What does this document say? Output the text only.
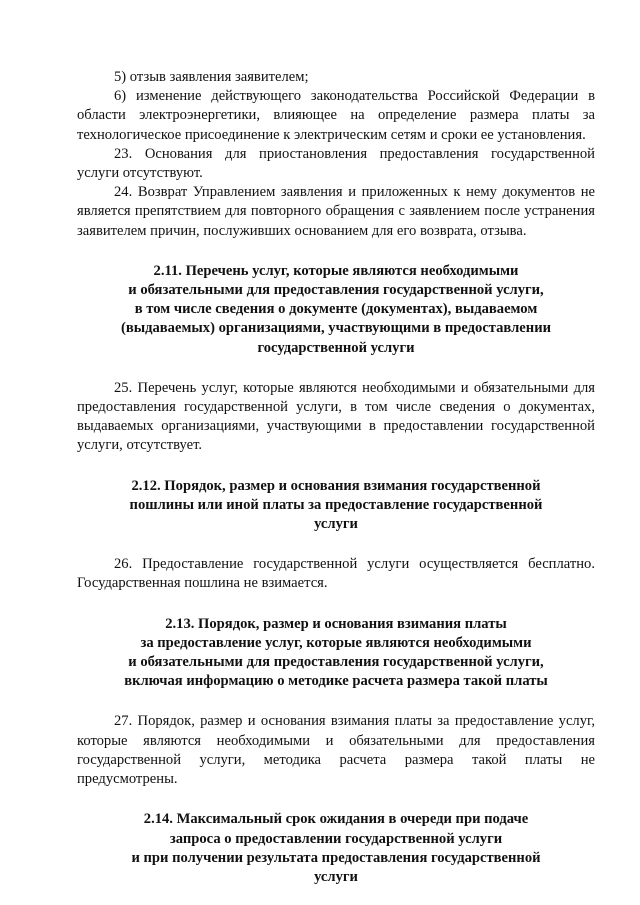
5) отзыв заявления заявителем;

6) изменение действующего законодательства Российской Федерации в области электроэнергетики, влияющее на определение размера платы за технологическое присоединение к электрическим сетям и сроки ее установления.

23. Основания для приостановления предоставления государственной услуги отсутствуют.

24. Возврат Управлением заявления и приложенных к нему документов не является препятствием для повторного обращения с заявлением после устранения заявителем причин, послуживших основанием для его возврата, отзыва.

2.11. Перечень услуг, которые являются необходимыми
и обязательными для предоставления государственной услуги,
в том числе сведения о документе (документах), выдаваемом
(выдаваемых) организациями, участвующими в предоставлении
государственной услуги

25. Перечень услуг, которые являются необходимыми и обязательными для предоставления государственной услуги, в том числе сведения о документах, выдаваемых организациями, участвующими в предоставлении государственной услуги, отсутствует.

2.12. Порядок, размер и основания взимания государственной
пошлины или иной платы за предоставление государственной
услуги

26. Предоставление государственной услуги осуществляется бесплатно. Государственная пошлина не взимается.

2.13. Порядок, размер и основания взимания платы
за предоставление услуг, которые являются необходимыми
и обязательными для предоставления государственной услуги,
включая информацию о методике расчета размера такой платы

27. Порядок, размер и основания взимания платы за предоставление услуг, которые являются необходимыми и обязательными для предоставления государственной услуги, методика расчета размера такой платы не предусмотрены.

2.14. Максимальный срок ожидания в очереди при подаче
запроса о предоставлении государственной услуги
и при получении результата предоставления государственной
услуги
